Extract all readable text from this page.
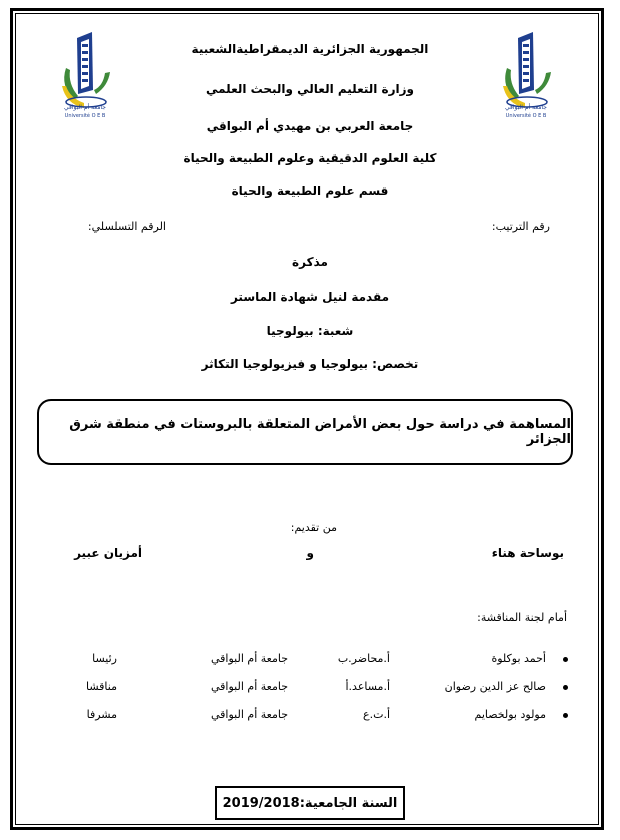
جامعة أم البواقي
Université O E B
جامعة أم البواقي
Université O E B
الجمهورية الجزائرية الديمقراطيةالشعبية
وزارة التعليم العالي والبحث العلمي
جامعة العربي بن مهيدي أم البواقي
كلية العلوم الدقيقية وعلوم الطبيعة والحياة
قسم علوم الطبيعة والحياة
رقم الترتيب:
الرقم التسلسلي:
مذكرة
مقدمة لنيل شهادة الماستر
شعبة: بيولوجيا
تخصص: بيولوجيا و فيزيولوجيا التكاثر
المساهمة في دراسة حول بعض الأمراض المتعلقة بالبروستات في منطقة شرق الجزائر
من تقديم:
بوساحة هناء
و
أمزيان عبير
أمام لجنة المناقشة:
أحمد بوكلوة
أ.محاضر.ب
جامعة أم البواقي
رئيسا
صالح عز الدين رضوان
أ.مساعد.أ
جامعة أم البواقي
مناقشا
مولود بولخصايم
أ.ت.ع
جامعة أم البواقي
مشرفا
السنة الجامعية:2019/2018
